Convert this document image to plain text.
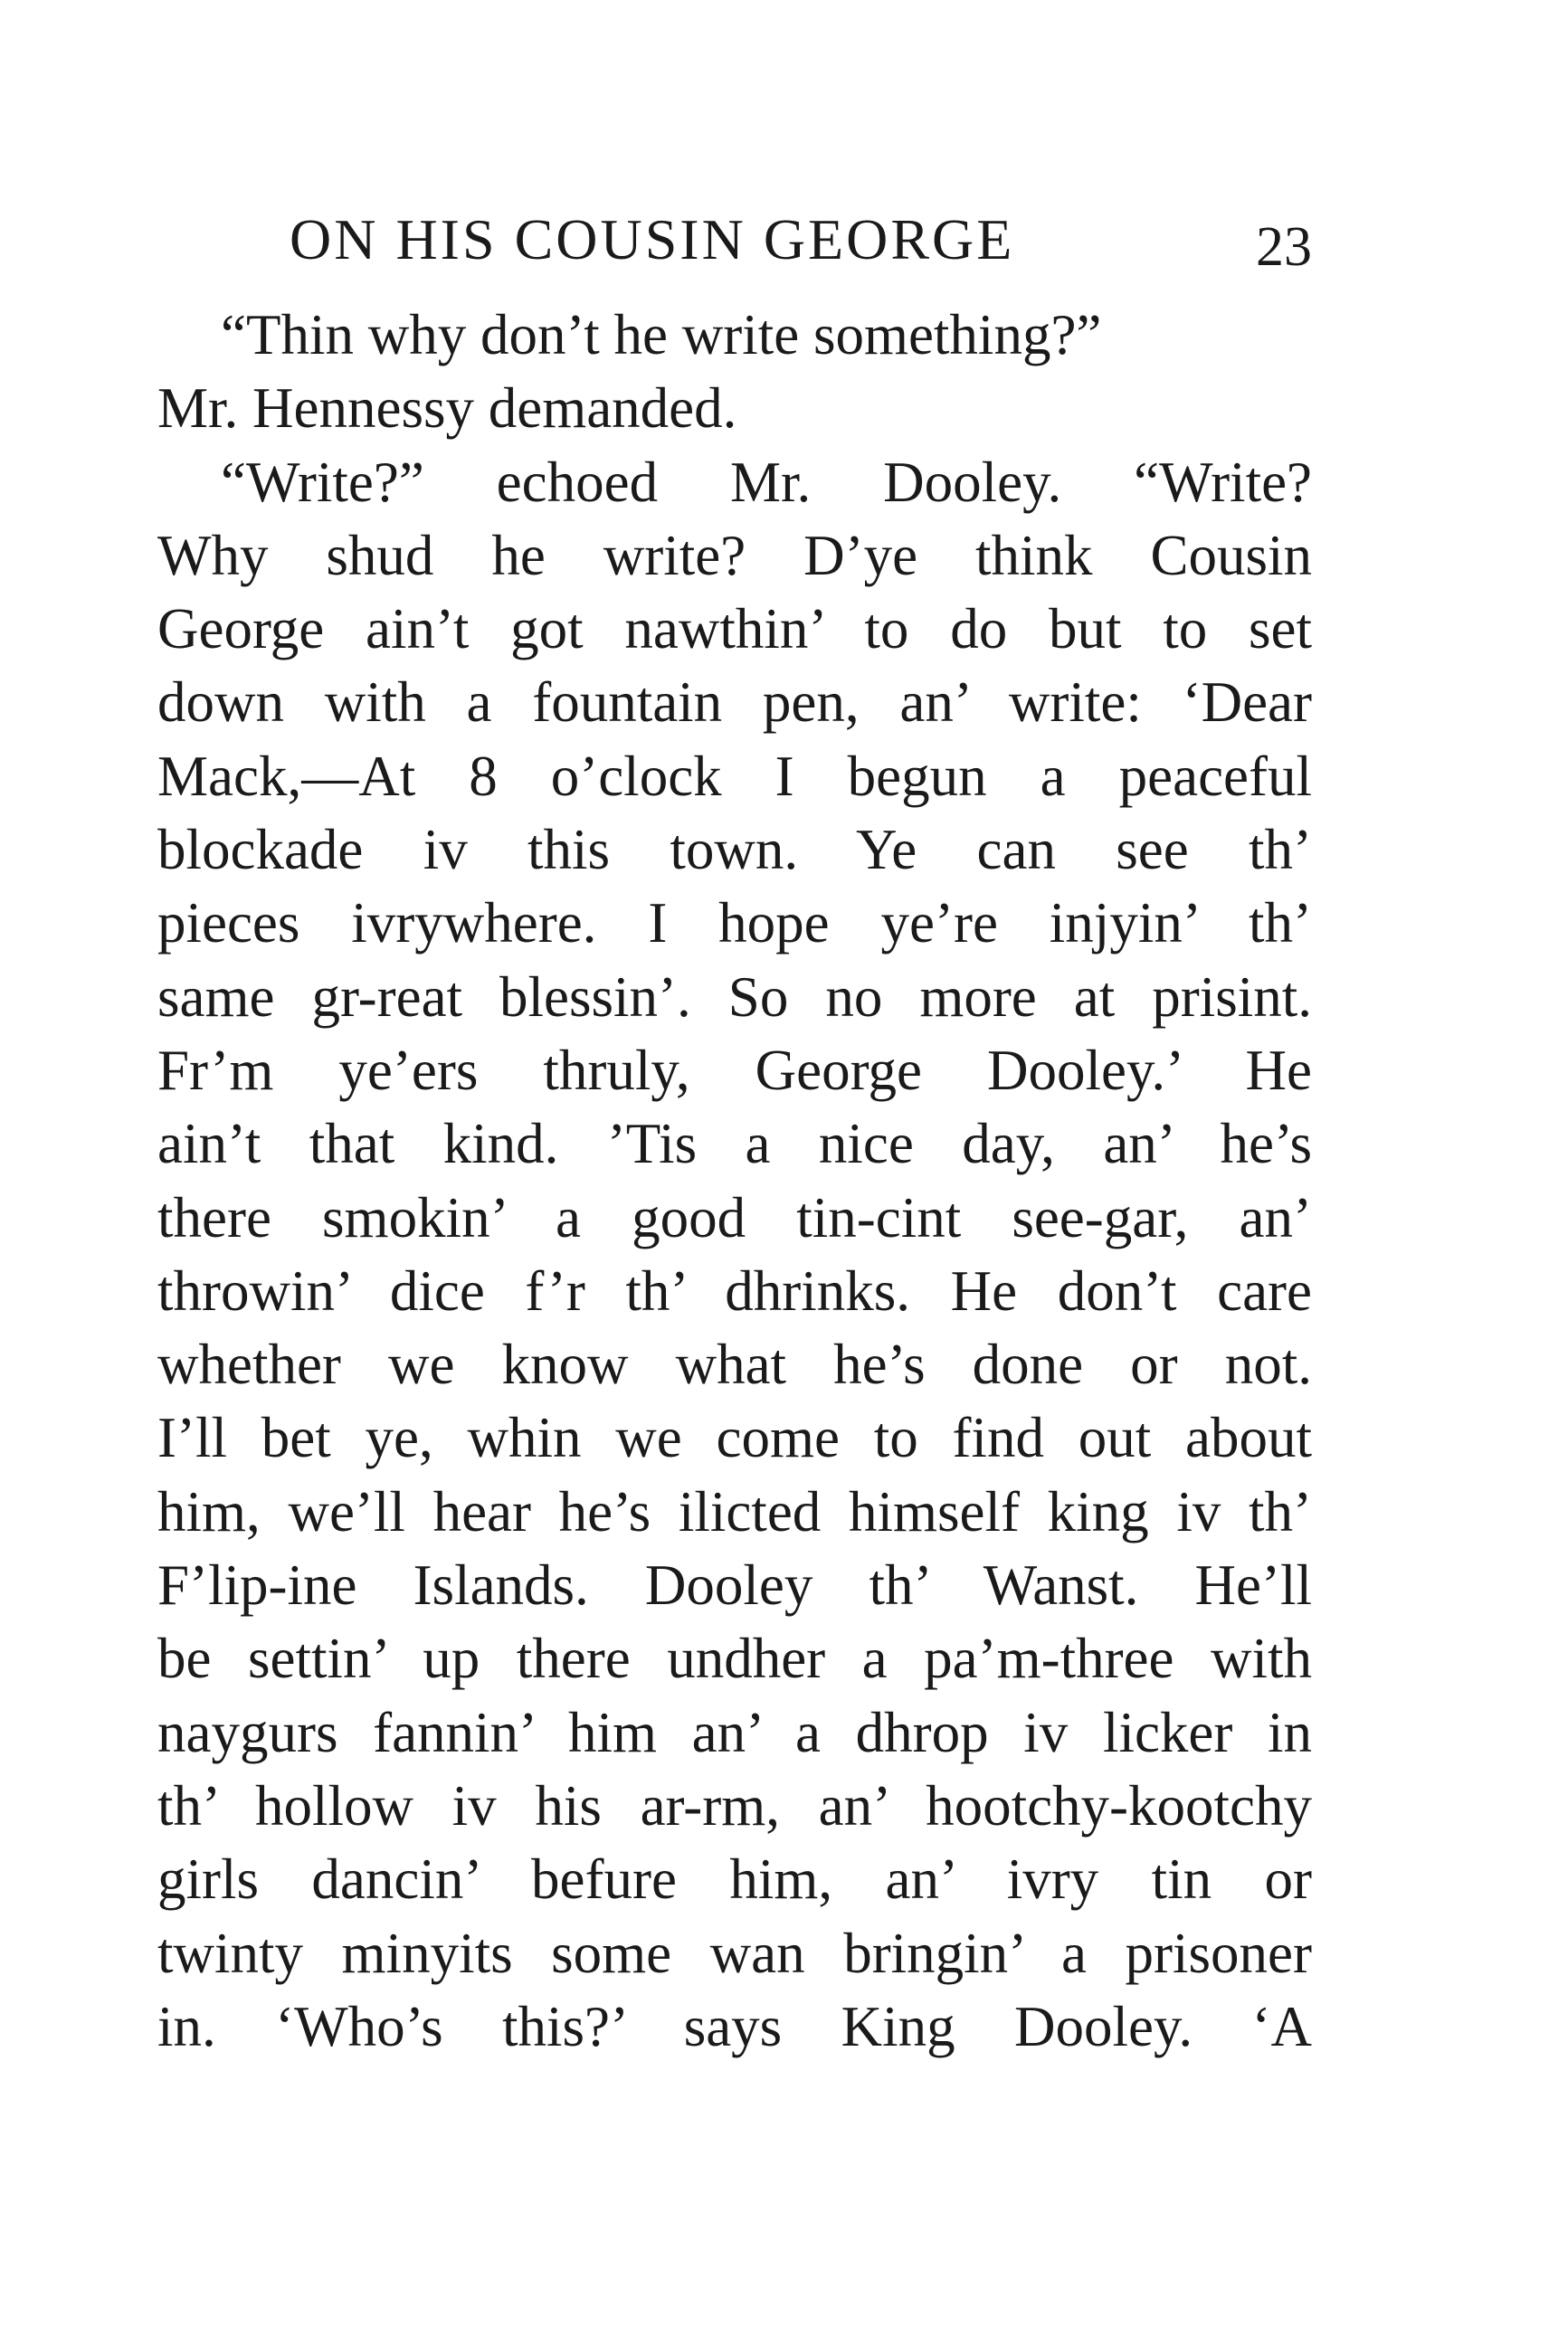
ON HIS COUSIN GEORGE	23
“Thin why don’t he write something?”
Mr. Hennessy demanded.
“Write?” echoed Mr. Dooley. “Write?
Why shud he write? D’ye think Cousin
George ain’t got nawthin’ to do but to set
down with a fountain pen, an’ write: ‘Dear
Mack,—At 8 o’clock I begun a peaceful
blockade iv this town. Ye can see th’
pieces ivrywhere. I hope ye’re injyin’ th’
same gr-reat blessin’. So no more at prisint.
Fr’m ye’ers thruly, George Dooley.’ He
ain’t that kind. ’Tis a nice day, an’ he’s
there smokin’ a good tin-cint see-gar, an’
throwin’ dice f’r th’ dhrinks. He don’t care
whether we know what he’s done or not.
I’ll bet ye, whin we come to find out about
him, we’ll hear he’s ilicted himself king iv th’
F’lip-ine Islands. Dooley th’ Wanst. He’ll
be settin’ up there undher a pa’m-three with
naygurs fannin’ him an’ a dhrop iv licker in
th’ hollow iv his ar-rm, an’ hootchy-kootchy
girls dancin’ befure him, an’ ivry tin or
twinty minyits some wan bringin’ a prisoner
in. ‘Who’s this?’ says King Dooley. ‘A
